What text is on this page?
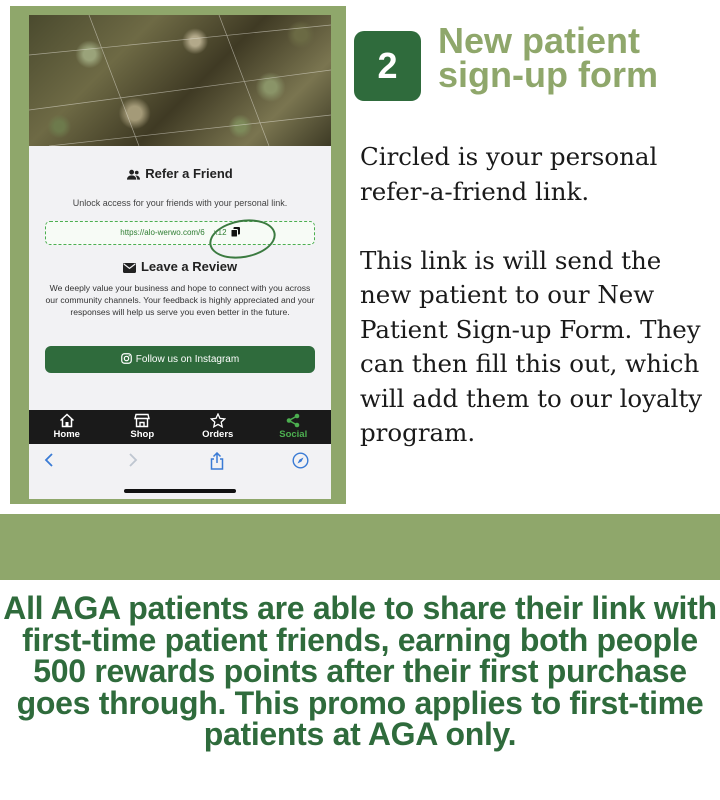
Refer a Friend
Unlock access for your friends with your personal link.
https://alo-werwo.com/6    x12
Leave a Review
We deeply value your business and hope to connect with you across our community channels. Your feedback is highly appreciated and your responses will help us serve you even better in the future.
Follow us on Instagram
Home	Shop	Orders	Social
2
New patient
sign-up form

Circled is your personal refer-a-friend link.

This link is will send the new patient to our New Patient Sign-up Form. They can then fill this out, which will add them to our loyalty program.

All AGA patients are able to share their link with first-time patient friends, earning both people 500 rewards points after their first purchase goes through. This promo applies to first-time patients at AGA only.
